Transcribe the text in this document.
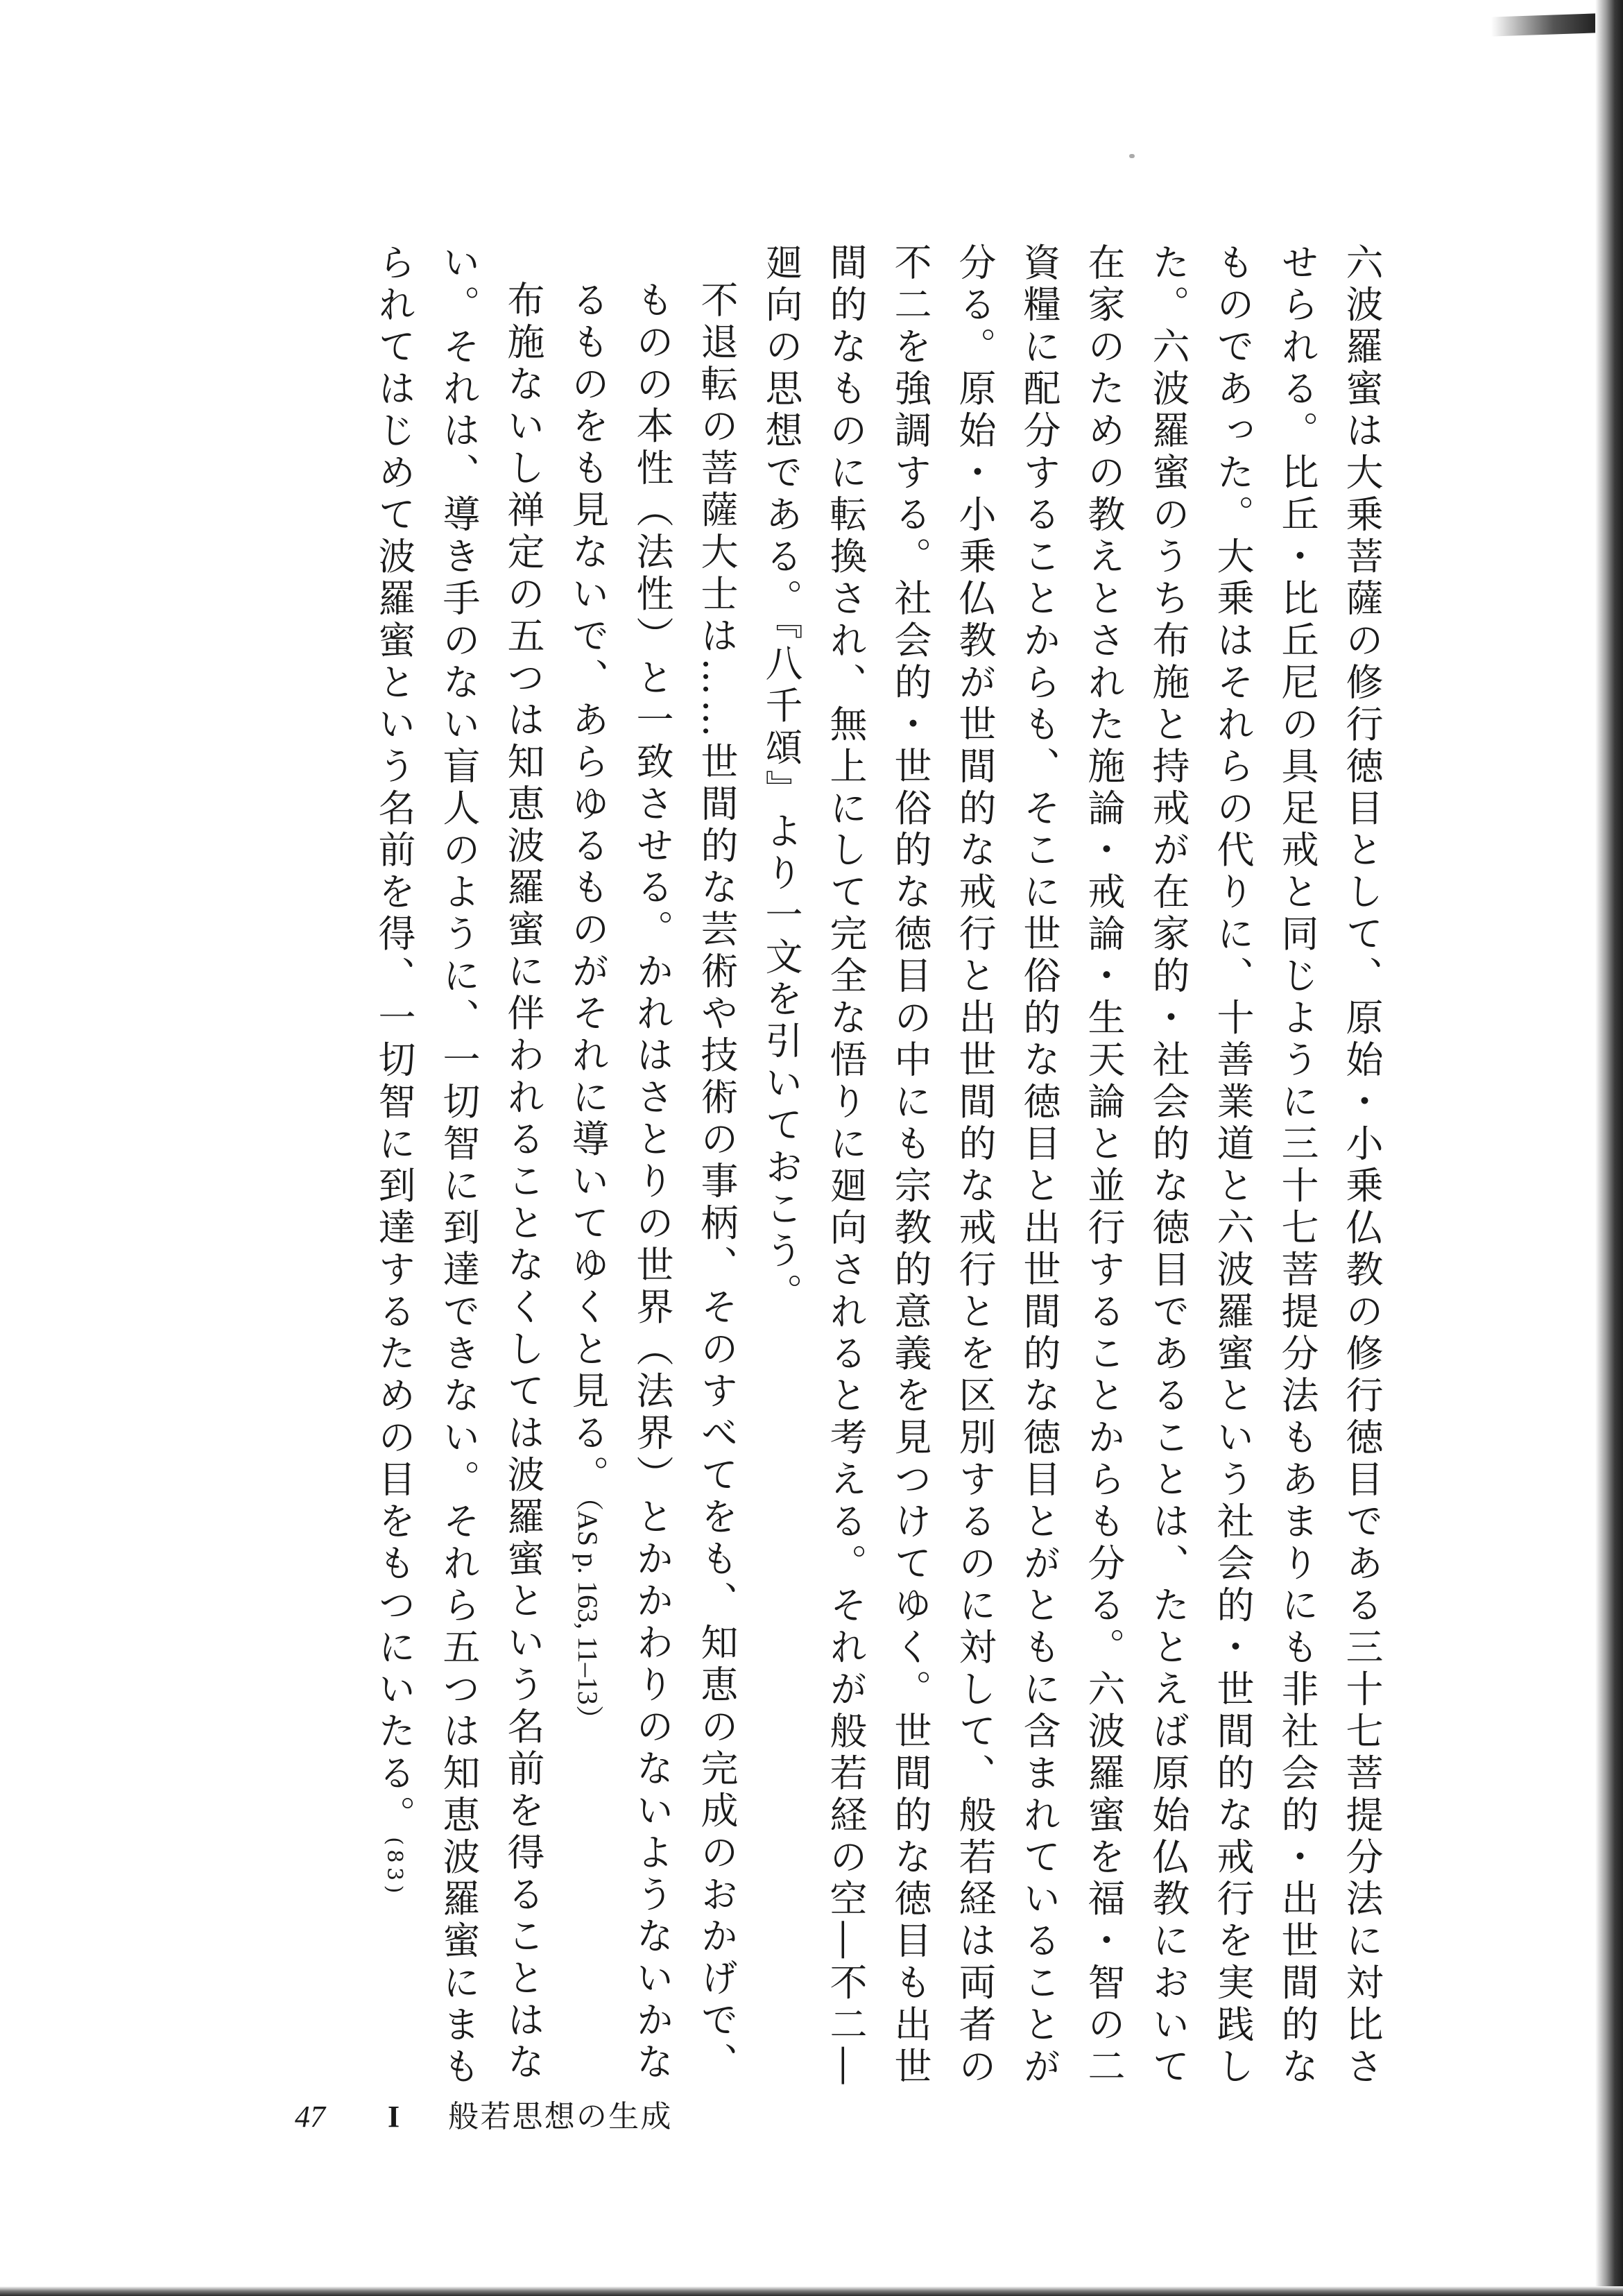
六波羅蜜は大乗菩薩の修行徳目として、原始・小乗仏教の修行徳目である三十七菩提分法に対比させられる。比丘・比丘尼の具足戒と同じように三十七菩提分法もあまりにも非社会的・出世間的なものであった。大乗はそれらの代りに、十善業道と六波羅蜜という社会的・世間的な戒行を実践した。六波羅蜜のうち布施と持戒が在家的・社会的な徳目であることは、たとえば原始仏教において在家のための教えとされた施論・戒論・生天論と並行することからも分る。六波羅蜜を福・智の二資糧に配分することからも、そこに世俗的な徳目と出世間的な徳目とがともに含まれていることが分る。原始・小乗仏教が世間的な戒行と出世間的な戒行とを区別するのに対して、般若経は両者の不二を強調する。社会的・世俗的な徳目の中にも宗教的意義を見つけてゆく。世間的な徳目も出世間的なものに転換され、無上にして完全な悟りに廻向されると考える。それが般若経の空―不二―廻向の思想である。『八千頌』より一文を引いておこう。

不退転の菩薩大士は……世間的な芸術や技術の事柄、そのすべてをも、知恵の完成のおかげで、ものの本性（法性）と一致させる。かれはさとりの世界（法界）とかかわりのないようないかなるものをも見ないで、あらゆるものがそれに導いてゆくと見る。（AS p. 163, 11–13）

布施ないし禅定の五つは知恵波羅蜜に伴われることなくしては波羅蜜という名前を得ることはない。それは、導き手のない盲人のように、一切智に到達できない。それら五つは知恵波羅蜜にまもられてはじめて波羅蜜という名前を得、一切智に到達するための目をもつにいたる。(83)

47 I 般若思想の生成
